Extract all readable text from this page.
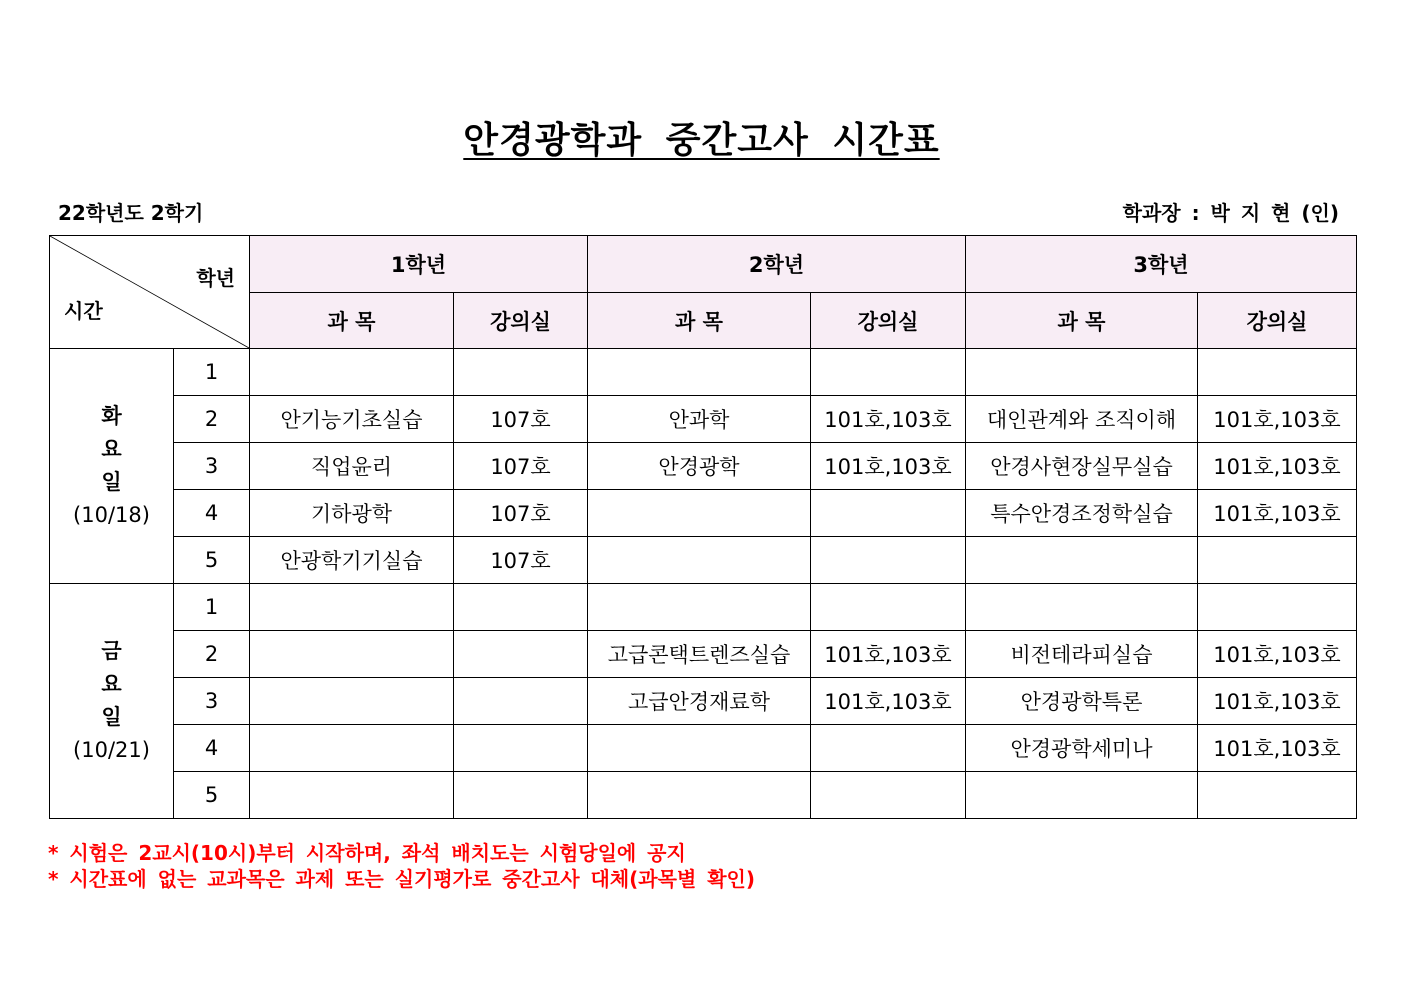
안경광학과 중간고사 시간표
22학년도 2학기	학과장 : 박 지 현 (인)
학년
시간		1학년		2학년		3학년	
		과 목	강의실	과 목	강의실	과 목	강의실

화
요
일
(10/18)	1						
	2	안기능기초실습	107호	안과학	101호,103호	대인관계와 조직이해	101호,103호
	3	직업윤리	107호	안경광학	101호,103호	안경사현장실무실습	101호,103호
	4	기하광학	107호			특수안경조정학실습	101호,103호
	5	안광학기기실습	107호				

금
요
일
(10/21)	1						
	2			고급콘택트렌즈실습	101호,103호	비전테라피실습	101호,103호
	3			고급안경재료학	101호,103호	안경광학특론	101호,103호
	4					안경광학세미나	101호,103호
	5						
* 시험은 2교시(10시)부터 시작하며, 좌석 배치도는 시험당일에 공지
* 시간표에 없는 교과목은 과제 또는 실기평가로 중간고사 대체(과목별 확인)
